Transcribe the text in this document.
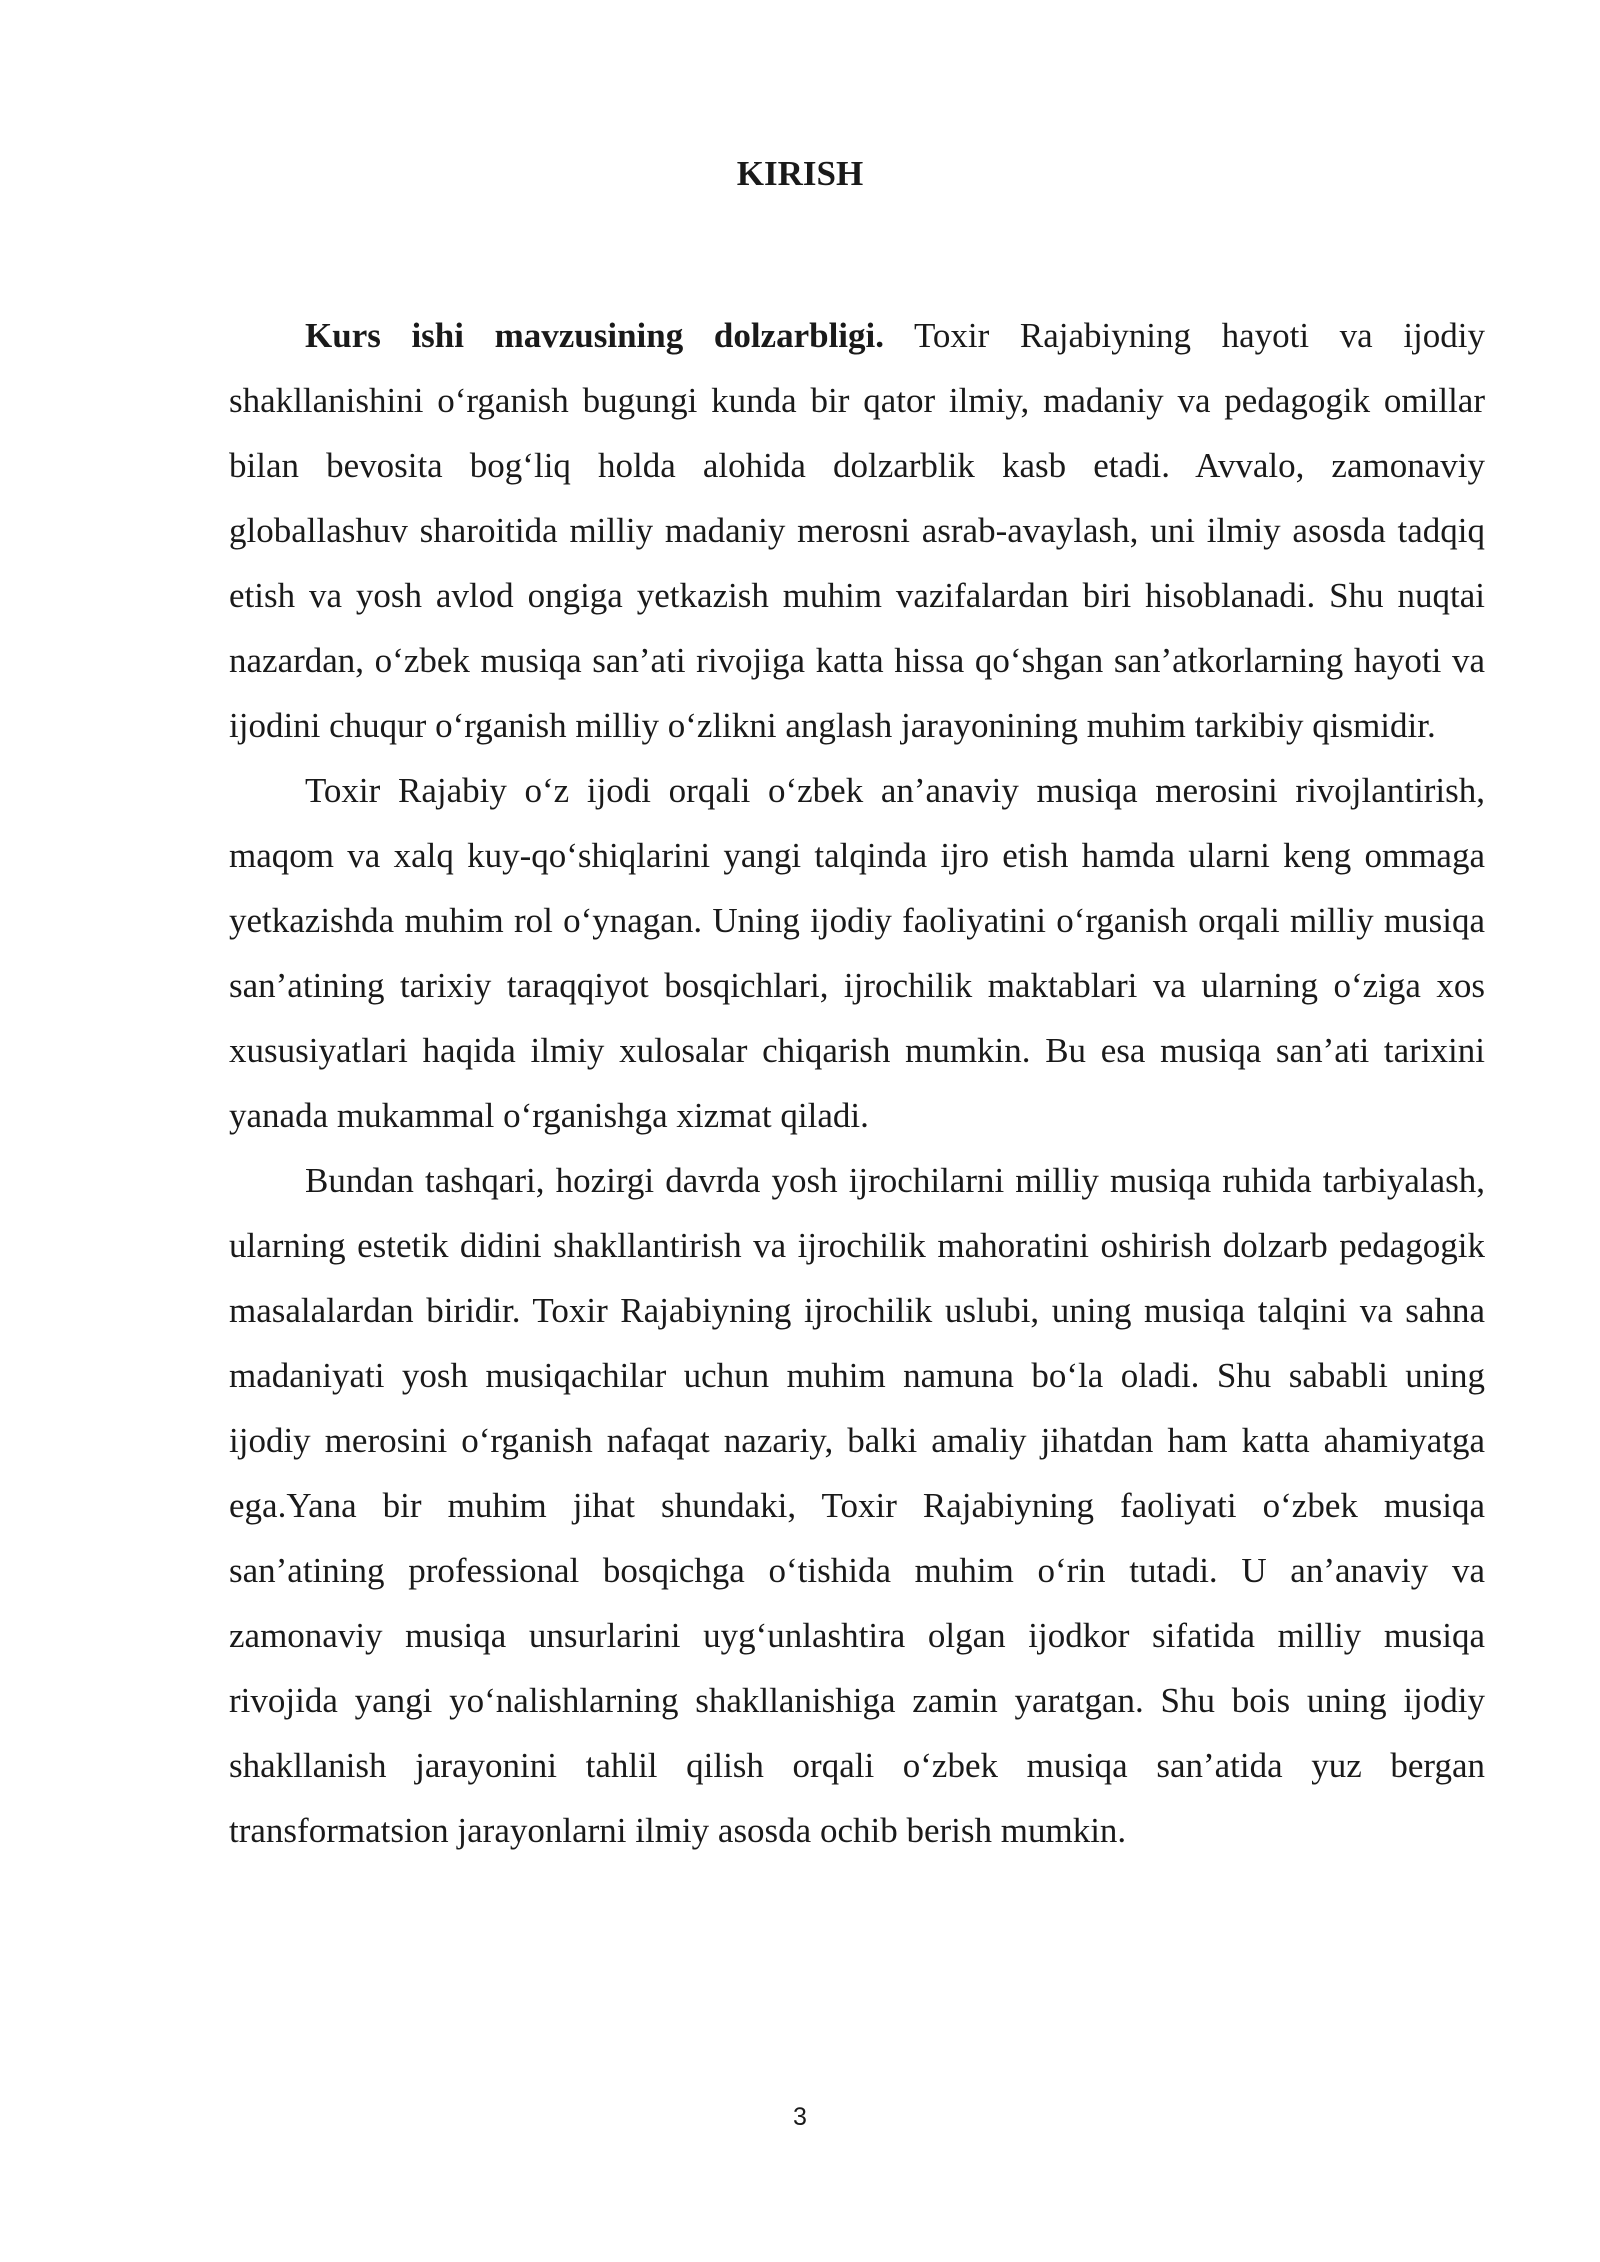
KIRISH

Kurs ishi mavzusining dolzarbligi. Toxir Rajabiyning hayoti va ijodiy shakllanishini o‘rganish bugungi kunda bir qator ilmiy, madaniy va pedagogik omillar bilan bevosita bog‘liq holda alohida dolzarblik kasb etadi. Avvalo, zamonaviy globallashuv sharoitida milliy madaniy merosni asrab-avaylash, uni ilmiy asosda tadqiq etish va yosh avlod ongiga yetkazish muhim vazifalardan biri hisoblanadi. Shu nuqtai nazardan, o‘zbek musiqa san’ati rivojiga katta hissa qo‘shgan san’atkorlarning hayoti va ijodini chuqur o‘rganish milliy o‘zlikni anglash jarayonining muhim tarkibiy qismidir.

Toxir Rajabiy o‘z ijodi orqali o‘zbek an’anaviy musiqa merosini rivojlantirish, maqom va xalq kuy-qo‘shiqlarini yangi talqinda ijro etish hamda ularni keng ommaga yetkazishda muhim rol o‘ynagan. Uning ijodiy faoliyatini o‘rganish orqali milliy musiqa san’atining tarixiy taraqqiyot bosqichlari, ijrochilik maktablari va ularning o‘ziga xos xususiyatlari haqida ilmiy xulosalar chiqarish mumkin. Bu esa musiqa san’ati tarixini yanada mukammal o‘rganishga xizmat qiladi.

Bundan tashqari, hozirgi davrda yosh ijrochilarni milliy musiqa ruhida tarbiyalash, ularning estetik didini shakllantirish va ijrochilik mahoratini oshirish dolzarb pedagogik masalalardan biridir. Toxir Rajabiyning ijrochilik uslubi, uning musiqa talqini va sahna madaniyati yosh musiqachilar uchun muhim namuna bo‘la oladi. Shu sababli uning ijodiy merosini o‘rganish nafaqat nazariy, balki amaliy jihatdan ham katta ahamiyatga ega.Yana bir muhim jihat shundaki, Toxir Rajabiyning faoliyati o‘zbek musiqa san’atining professional bosqichga o‘tishida muhim o‘rin tutadi. U an’anaviy va zamonaviy musiqa unsurlarini uyg‘unlashtira olgan ijodkor sifatida milliy musiqa rivojida yangi yo‘nalishlarning shakllanishiga zamin yaratgan. Shu bois uning ijodiy shakllanish jarayonini tahlil qilish orqali o‘zbek musiqa san’atida yuz bergan transformatsion jarayonlarni ilmiy asosda ochib berish mumkin.

3
